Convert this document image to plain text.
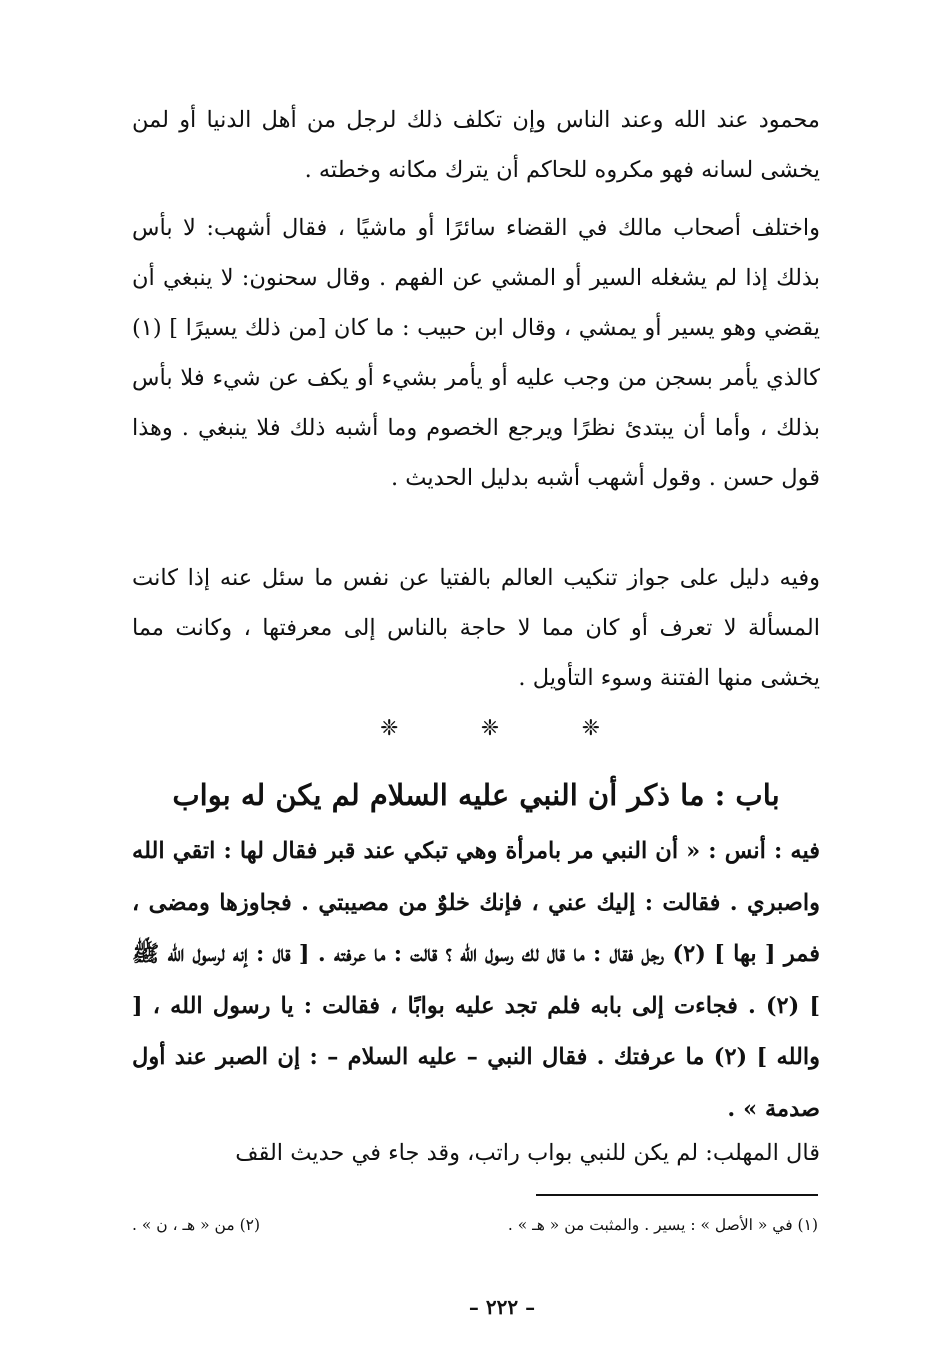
محمود عند الله وعند الناس وإن تكلف ذلك لرجل من أهل الدنيا أو لمن يخشى لسانه فهو مكروه للحاكم أن يترك مكانه وخطته .

واختلف أصحاب مالك في القضاء سائرًا أو ماشيًا ، فقال أشهب: لا بأس بذلك إذا لم يشغله السير أو المشي عن الفهم . وقال سحنون: لا ينبغي أن يقضي وهو يسير أو يمشي ، وقال ابن حبيب : ما كان [من ذلك يسيرًا ] (١) كالذي يأمر بسجن من وجب عليه أو يأمر بشيء أو يكف عن شيء فلا بأس بذلك ، وأما أن يبتدئ نظرًا ويرجع الخصوم وما أشبه ذلك فلا ينبغي . وهذا قول حسن . وقول أشهب أشبه بدليل الحديث .

وفيه دليل على جواز تنكيب العالم بالفتيا عن نفس ما سئل عنه إذا كانت المسألة لا تعرف أو كان مما لا حاجة بالناس إلى معرفتها ، وكانت مما يخشى منها الفتنة وسوء التأويل .

❈
❈
❈
باب : ما ذكر أن النبي عليه السلام لم يكن له بواب

فيه : أنس : « أن النبي مر بامرأة وهي تبكي عند قبر فقال لها : اتقي الله واصبري . فقالت : إليك عني ، فإنك خلوٌ من مصيبتي . فجاوزها ومضى ، فمر [ بها ] (٢) رجل فقال : ما قال لك رسول الله ؟ قالت : ما عرفته . [ قال : إنه لرسول الله ﷺ ] (٢) . فجاءت إلى بابه فلم تجد عليه بوابًا ، فقالت : يا رسول الله ، [ والله ] (٢) ما عرفتك . فقال النبي – عليه السلام – : إن الصبر عند أول صدمة » .

قال المهلب: لم يكن للنبي بواب راتب، وقد جاء في حديث القف

(١) في « الأصل » : يسير . والمثبت من « هـ » .
(٢) من « هـ ، ن » .
– ٢٢٢ –
